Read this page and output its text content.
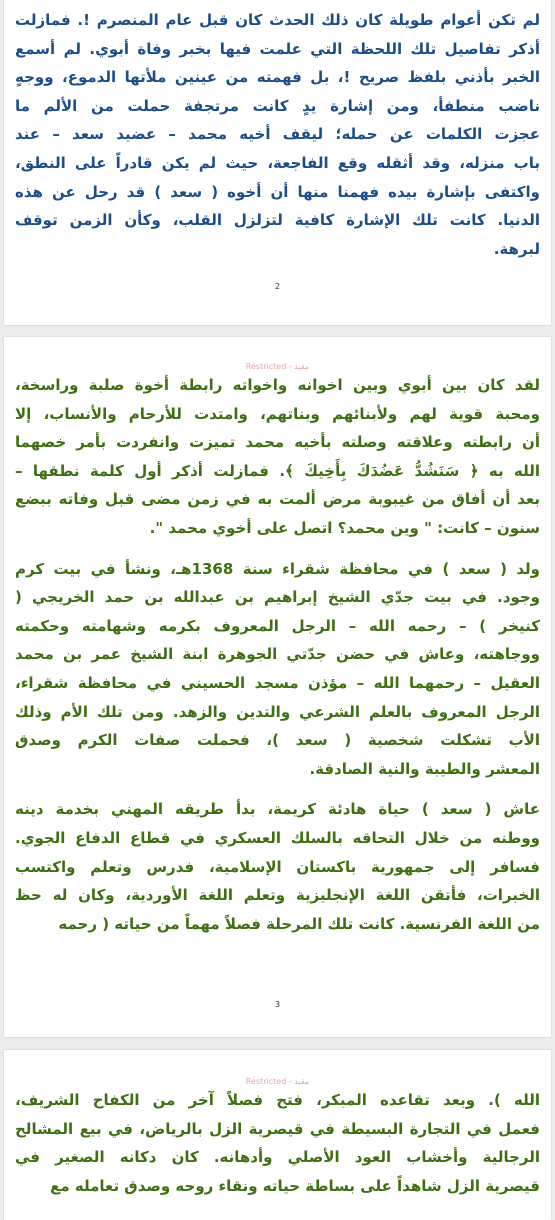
لم تكن أعوام طويلة كان ذلك الحدث كان قبل عام المنصرم !. فمازلت
أذكر تفاصيل تلك اللحظة التي علمت فيها بخبر وفاة أبوي. لم أسمع
الخبر بأذني بلفظ صريح !، بل فهمته من عينين ملأتها الدموع، ووجهٍ
ناضب منطفأ، ومن إشارة يدٍ كانت مرتجفة حملت من الألم ما
عجزت الكلمات عن حمله؛ ليقف أخيه محمد – عضيد سعد – عند
باب منزله، وقد أثقله وقع الفاجعة، حيث لم يكن قادراً على النطق،
واكتفى بإشارة بيده فهمنا منها أن أخوه ( سعد ) قد رحل عن هذه
الدنيا. كانت تلك الإشارة كافية لتزلزل القلب، وكأن الزمن توقف
لبرهة.
2
Restricted - مقيد
لقد كان بين أبوي وبين اخوانه واخواته رابطة أخوة صلبة وراسخة،
ومحبة قوية لهم ولأبنائهم وبناتهم، وامتدت للأرحام والأنساب، إلا
أن رابطته وعلاقته وصلته بأخيه محمد تميزت وانفردت بأمر خصهما
الله به ﴿ سَنَشُدُّ عَضُدَكَ بِأَخِيكَ ﴾. فمازلت أذكر أول كلمة نطقها –
بعد أن أفاق من غيبوبة مرض ألمت به في زمن مضى قبل وفاته ببضع
سنون – كانت: " وين محمد؟ اتصل على أخوي محمد ".
ولد ( سعد ) في محافظة شقراء سنة 1368هـ، ونشأ في بيت كرم
وجود. في بيت جدّي الشيخ إبراهيم بن عبدالله بن حمد الخريجي (
كنيخر ) – رحمه الله – الرجل المعروف بكرمه وشهامته وحكمته
ووجاهته، وعاش في حضن جدّتي الجوهرة ابنة الشيخ عمر بن محمد
العقيل – رحمهما الله – مؤذن مسجد الحسيني في محافظة شقراء،
الرجل المعروف بالعلم الشرعي والتدين والزهد. ومن تلك الأم وذلك
الأب تشكلت شخصية ( سعد )، فحملت صفات الكرم وصدق
المعشر والطيبة والنية الصادقة.
عاش ( سعد ) حياة هادئة كريمة، بدأ طريقه المهني بخدمة دينه
ووطنه من خلال التحاقه بالسلك العسكري في قطاع الدفاع الجوي.
فسافر إلى جمهورية باكستان الإسلامية، فدرس وتعلم واكتسب
الخبرات، فأتقن اللغة الإنجليزية وتعلم اللغة الأوردية، وكان له حظ
من اللغة الفرنسية. كانت تلك المرحلة فصلاً مهماً من حياته ( رحمه
3
Restricted - مقيد
الله ). وبعد تقاعده المبكر، فتح فصلاً آخر من الكفاح الشريف،
فعمل في التجارة البسيطة في قيصرية الزل بالرياض، في بيع المشالح
الرجالية وأخشاب العود الأصلي وأدهانه. كان دكانه الصغير في
قيصرية الزل شاهداً على بساطة حياته ونقاء روحه وصدق تعامله مع
